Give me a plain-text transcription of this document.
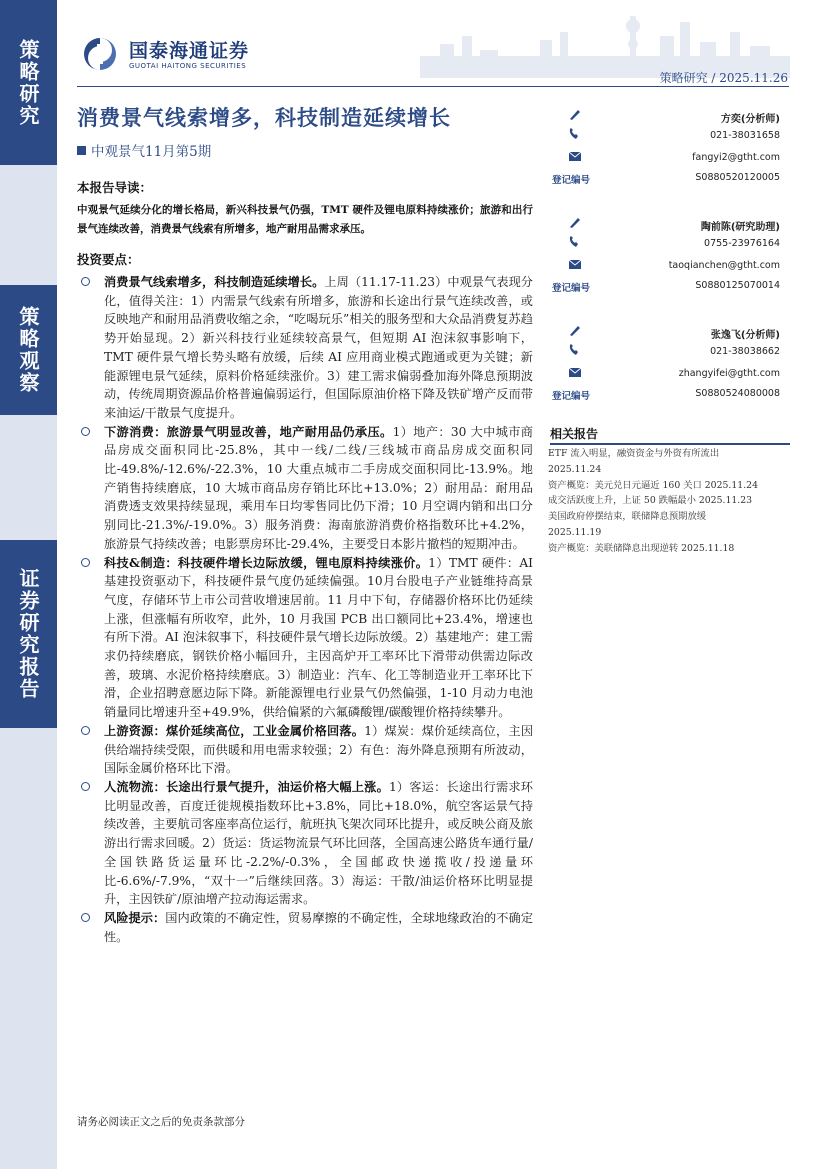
策略研究
策略观察
证券研究报告
国泰海通证券
GUOTAI HAITONG SECURITIES
策略研究 / 2025.11.26
消费景气线索增多，科技制造延续增长
中观景气11月第5期
本报告导读：
中观景气延续分化的增长格局，新兴科技景气仍强，TMT 硬件及锂电原料持续涨价；旅游和出行景气连续改善，消费景气线索有所增多，地产耐用品需求承压。
投资要点：
消费景气线索增多，科技制造延续增长。上周（11.17-11.23）中观景气表现分化，值得关注：1）内需景气线索有所增多，旅游和长途出行景气连续改善，或反映地产和耐用品消费收缩之余，“吃喝玩乐”相关的服务型和大众品消费复苏趋势开始显现。2）新兴科技行业延续较高景气，但短期 AI 泡沫叙事影响下，TMT 硬件景气增长势头略有放缓，后续 AI 应用商业模式跑通或更为关键；新能源锂电景气延续，原料价格延续涨价。3）建工需求偏弱叠加海外降息预期波动，传统周期资源品价格普遍偏弱运行，但国际原油价格下降及铁矿增产反而带来油运/干散景气度提升。
下游消费：旅游景气明显改善，地产耐用品仍承压。1）地产：30 大中城市商品房成交面积同比-25.8%，其中一线/二线/三线城市商品房成交面积同比-49.8%/-12.6%/-22.3%，10 大重点城市二手房成交面积同比-13.9%。地产销售持续磨底，10 大城市商品房存销比环比+13.0%；2）耐用品：耐用品消费透支效果持续显现，乘用车日均零售同比仍下滑；10 月空调内销和出口分别同比-21.3%/-19.0%。3）服务消费：海南旅游消费价格指数环比+4.2%，旅游景气持续改善；电影票房环比-29.4%，主要受日本影片撤档的短期冲击。
科技&制造：科技硬件增长边际放缓，锂电原料持续涨价。1）TMT 硬件：AI 基建投资驱动下，科技硬件景气度仍延续偏强。10月台股电子产业链维持高景气度，存储环节上市公司营收增速居前。11 月中下旬，存储器价格环比仍延续上涨，但涨幅有所收窄，此外，10 月我国 PCB 出口额同比+23.4%，增速也有所下滑。AI 泡沫叙事下，科技硬件景气增长边际放缓。2）基建地产：建工需求仍持续磨底，钢铁价格小幅回升，主因高炉开工率环比下滑带动供需边际改善，玻璃、水泥价格持续磨底。3）制造业：汽车、化工等制造业开工率环比下滑，企业招聘意愿边际下降。新能源锂电行业景气仍然偏强，1-10 月动力电池销量同比增速升至+49.9%，供给偏紧的六氟磷酸锂/碳酸锂价格持续攀升。
上游资源：煤价延续高位，工业金属价格回落。1）煤炭：煤价延续高位，主因供给端持续受限，而供暖和用电需求较强；2）有色：海外降息预期有所波动，国际金属价格环比下滑。
人流物流：长途出行景气提升，油运价格大幅上涨。1）客运：长途出行需求环比明显改善，百度迁徙规模指数环比+3.8%，同比+18.0%，航空客运景气持续改善，主要航司客座率高位运行，航班执飞架次同环比提升，或反映公商及旅游出行需求回暖。2）货运：货运物流景气环比回落，全国高速公路货车通行量/全国铁路货运量环比-2.2%/-0.3%，全国邮政快递揽收/投递量环比-6.6%/-7.9%，“双十一”后继续回落。3）海运：干散/油运价格环比明显提升，主因铁矿/原油增产拉动海运需求。
风险提示：国内政策的不确定性，贸易摩擦的不确定性，全球地缘政治的不确定性。
方奕(分析师)
021-38031658
fangyi2@gtht.com
登记编号	S0880520120005
陶前陈(研究助理)
0755-23976164
taoqianchen@gtht.com
登记编号	S0880125070014
张逸飞(分析师)
021-38038662
zhangyifei@gtht.com
登记编号	S0880524080008
相关报告
ETF 流入明显，融资资金与外资有所流出
2025.11.24
资产概览：美元兑日元逼近 160 关口 2025.11.24
成交活跃度上升，上证 50 跌幅最小 2025.11.23
美国政府停摆结束，联储降息预期放缓
2025.11.19
资产概览：美联储降息出现逆转 2025.11.18
请务必阅读正文之后的免责条款部分
